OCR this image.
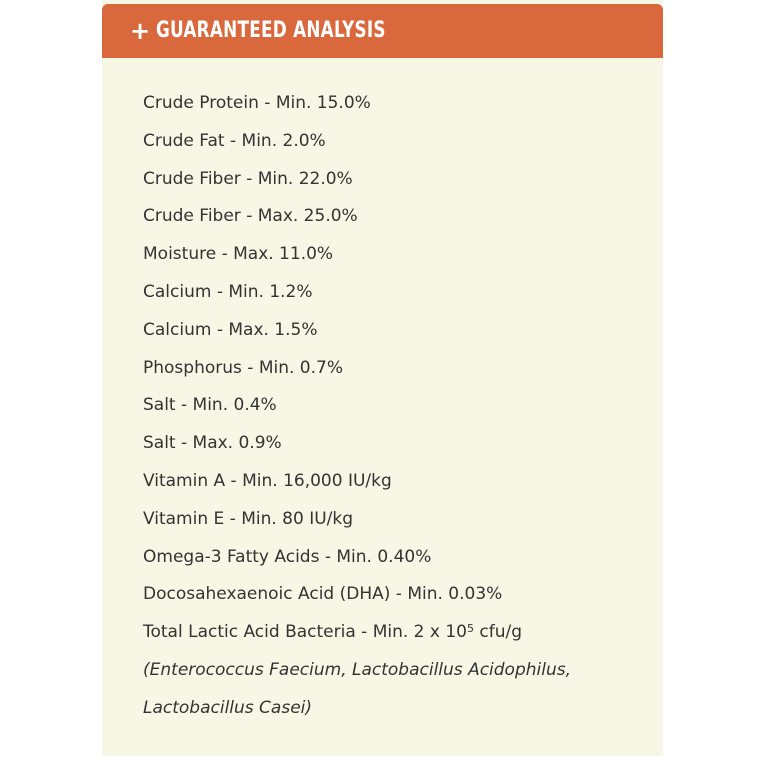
+ GUARANTEED ANALYSIS
Crude Protein - Min. 15.0%
Crude Fat - Min. 2.0%
Crude Fiber - Min. 22.0%
Crude Fiber - Max. 25.0%
Moisture - Max. 11.0%
Calcium - Min. 1.2%
Calcium - Max. 1.5%
Phosphorus - Min. 0.7%
Salt - Min. 0.4%
Salt - Max. 0.9%
Vitamin A - Min. 16,000 IU/kg
Vitamin E - Min. 80 IU/kg
Omega-3 Fatty Acids - Min. 0.40%
Docosahexaenoic Acid (DHA) - Min. 0.03%
Total Lactic Acid Bacteria - Min. 2 x $10^5$ cfu/g
(Enterococcus Faecium, Lactobacillus Acidophilus,
Lactobacillus Casei)
